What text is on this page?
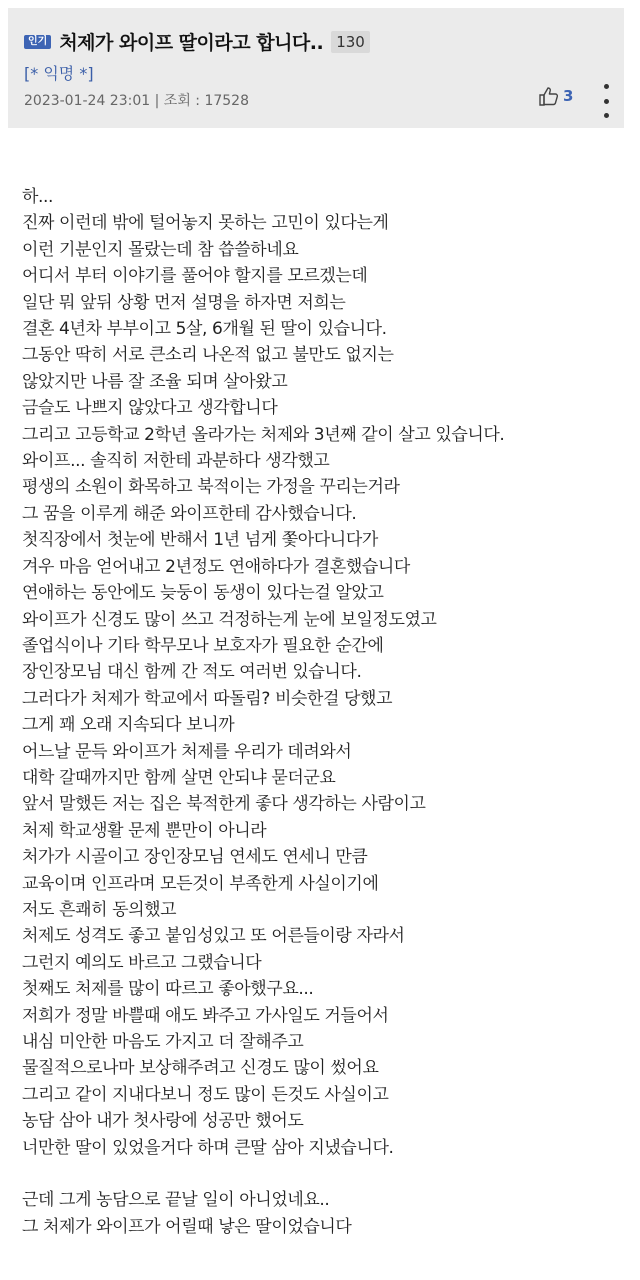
인기 처제가 와이프 딸이라고 합니다.. 130
[* 익명 *]
2023-01-24 23:01 | 조회 : 17528	3

하...

진짜 이런데 밖에 털어놓지 못하는 고민이 있다는게

이런 기분인지 몰랐는데 참 씁쓸하네요

어디서 부터 이야기를 풀어야 할지를 모르겠는데

일단 뭐 앞뒤 상황 먼저 설명을 하자면 저희는

결혼 4년차 부부이고 5살, 6개월 된 딸이 있습니다.

그동안 딱히 서로 큰소리 나온적 없고 불만도 없지는

않았지만 나름 잘 조율 되며 살아왔고

금슬도 나쁘지 않았다고 생각합니다

그리고 고등학교 2학년 올라가는 처제와 3년째 같이 살고 있습니다.

와이프... 솔직히 저한테 과분하다 생각했고

평생의 소원이 화목하고 북적이는 가정을 꾸리는거라

그 꿈을 이루게 해준 와이프한테 감사했습니다.

첫직장에서 첫눈에 반해서 1년 넘게 쫓아다니다가

겨우 마음 얻어내고 2년정도 연애하다가 결혼했습니다

연애하는 동안에도 늦둥이 동생이 있다는걸 알았고

와이프가 신경도 많이 쓰고 걱정하는게 눈에 보일정도였고

졸업식이나 기타 학무모나 보호자가 필요한 순간에

장인장모님 대신 함께 간 적도 여러번 있습니다.

그러다가 처제가 학교에서 따돌림? 비슷한걸 당했고

그게 꽤 오래 지속되다 보니까

어느날 문득 와이프가 처제를 우리가 데려와서

대학 갈때까지만 함께 살면 안되냐 묻더군요

앞서 말했든 저는 집은 북적한게 좋다 생각하는 사람이고

처제 학교생활 문제 뿐만이 아니라

처가가 시골이고 장인장모님 연세도 연세니 만큼

교육이며 인프라며 모든것이 부족한게 사실이기에

저도 흔쾌히 동의했고

처제도 성격도 좋고 붙임성있고 또 어른들이랑 자라서

그런지 예의도 바르고 그랬습니다

첫째도 처제를 많이 따르고 좋아했구요...

저희가 정말 바쁠때 애도 봐주고 가사일도 거들어서

내심 미안한 마음도 가지고 더 잘해주고

물질적으로나마 보상해주려고 신경도 많이 썼어요

그리고 같이 지내다보니 정도 많이 든것도 사실이고

농담 삼아 내가 첫사랑에 성공만 했어도

너만한 딸이 있었을거다 하며 큰딸 삼아 지냈습니다.

근데 그게 농담으로 끝날 일이 아니었네요..

그 처제가 와이프가 어릴때 낳은 딸이었습니다
